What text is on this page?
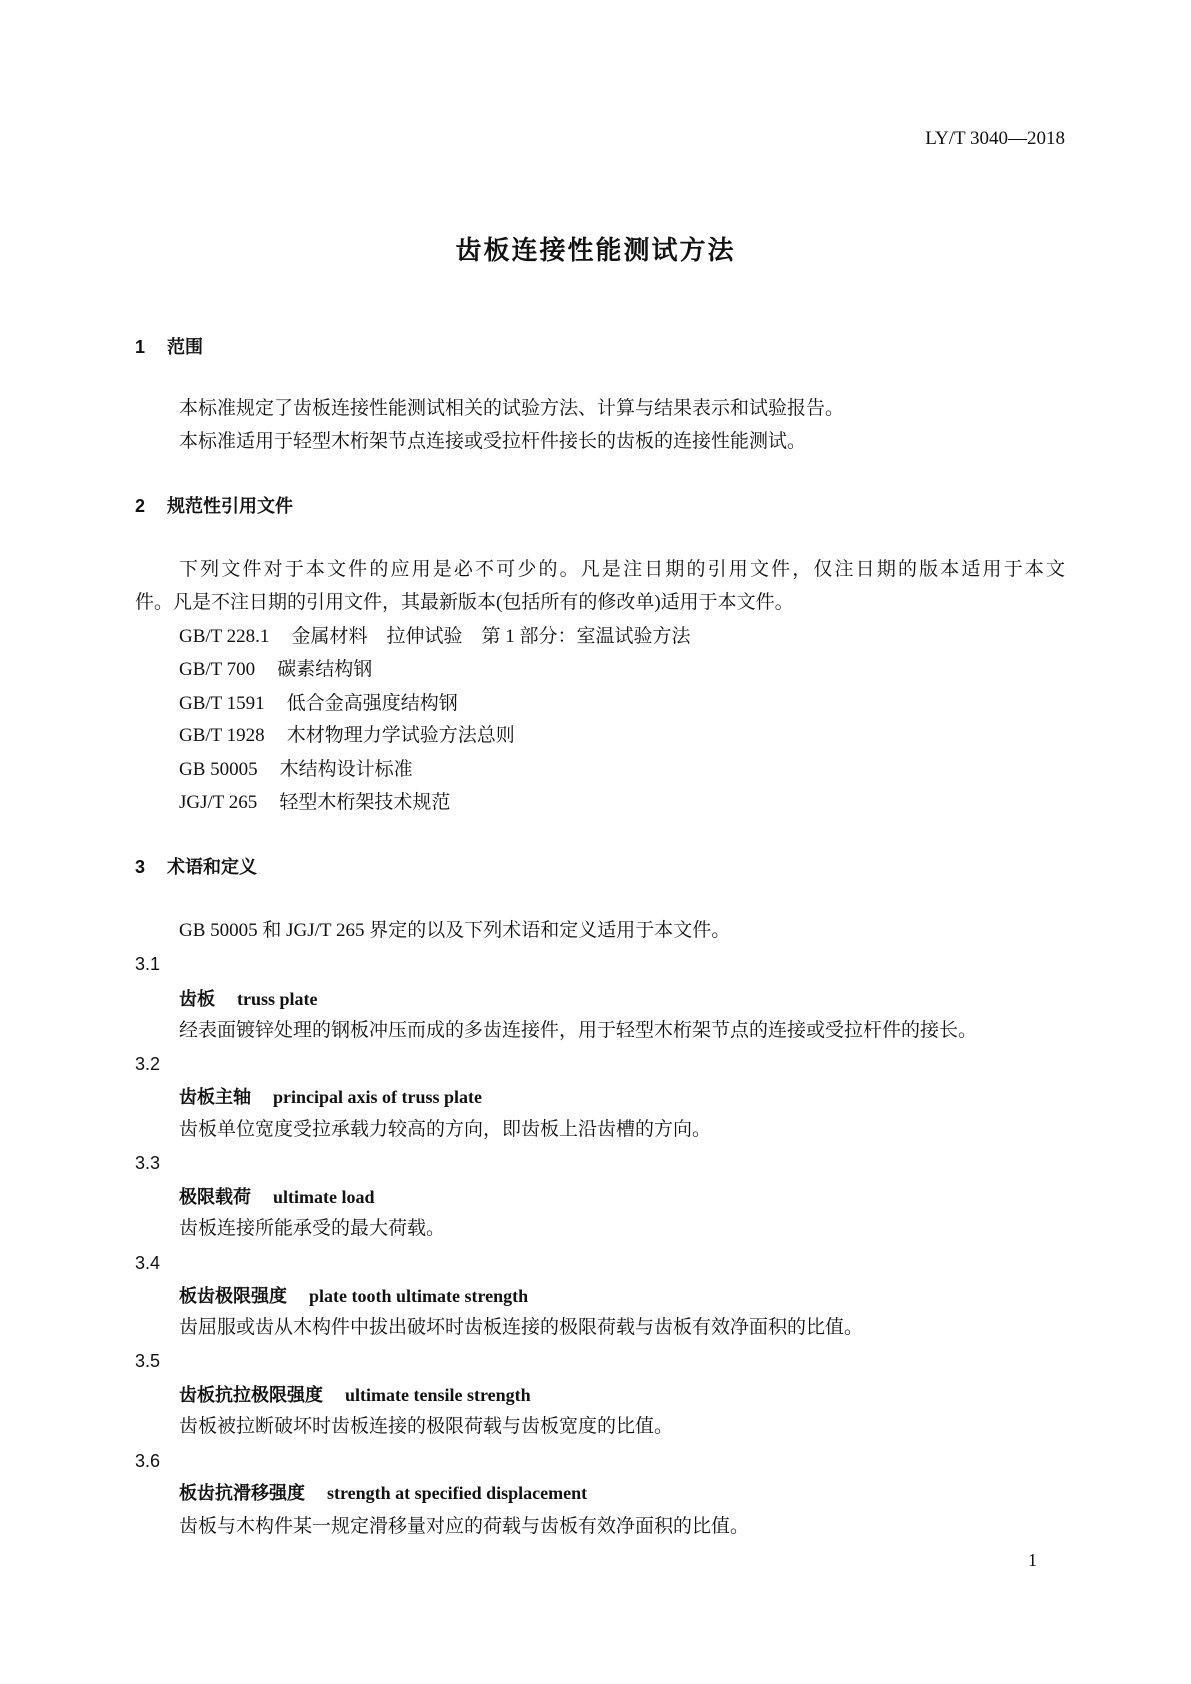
LY/T 3040—2018
齿板连接性能测试方法
1 范围
本标准规定了齿板连接性能测试相关的试验方法、计算与结果表示和试验报告。
本标准适用于轻型木桁架节点连接或受拉杆件接长的齿板的连接性能测试。
2 规范性引用文件
下列文件对于本文件的应用是必不可少的。凡是注日期的引用文件，仅注日期的版本适用于本文
件。凡是不注日期的引用文件，其最新版本(包括所有的修改单)适用于本文件。
GB/T 228.1 金属材料　拉伸试验　第 1 部分：室温试验方法
GB/T 700 碳素结构钢
GB/T 1591 低合金高强度结构钢
GB/T 1928 木材物理力学试验方法总则
GB 50005 木结构设计标准
JGJ/T 265 轻型木桁架技术规范
3 术语和定义
GB 50005 和 JGJ/T 265 界定的以及下列术语和定义适用于本文件。
3.1
齿板 truss plate
经表面镀锌处理的钢板冲压而成的多齿连接件，用于轻型木桁架节点的连接或受拉杆件的接长。
3.2
齿板主轴 principal axis of truss plate
齿板单位宽度受拉承载力较高的方向，即齿板上沿齿槽的方向。
3.3
极限载荷 ultimate load
齿板连接所能承受的最大荷载。
3.4
板齿极限强度 plate tooth ultimate strength
齿屈服或齿从木构件中拔出破坏时齿板连接的极限荷载与齿板有效净面积的比值。
3.5
齿板抗拉极限强度 ultimate tensile strength
齿板被拉断破坏时齿板连接的极限荷载与齿板宽度的比值。
3.6
板齿抗滑移强度 strength at specified displacement
齿板与木构件某一规定滑移量对应的荷载与齿板有效净面积的比值。
1
